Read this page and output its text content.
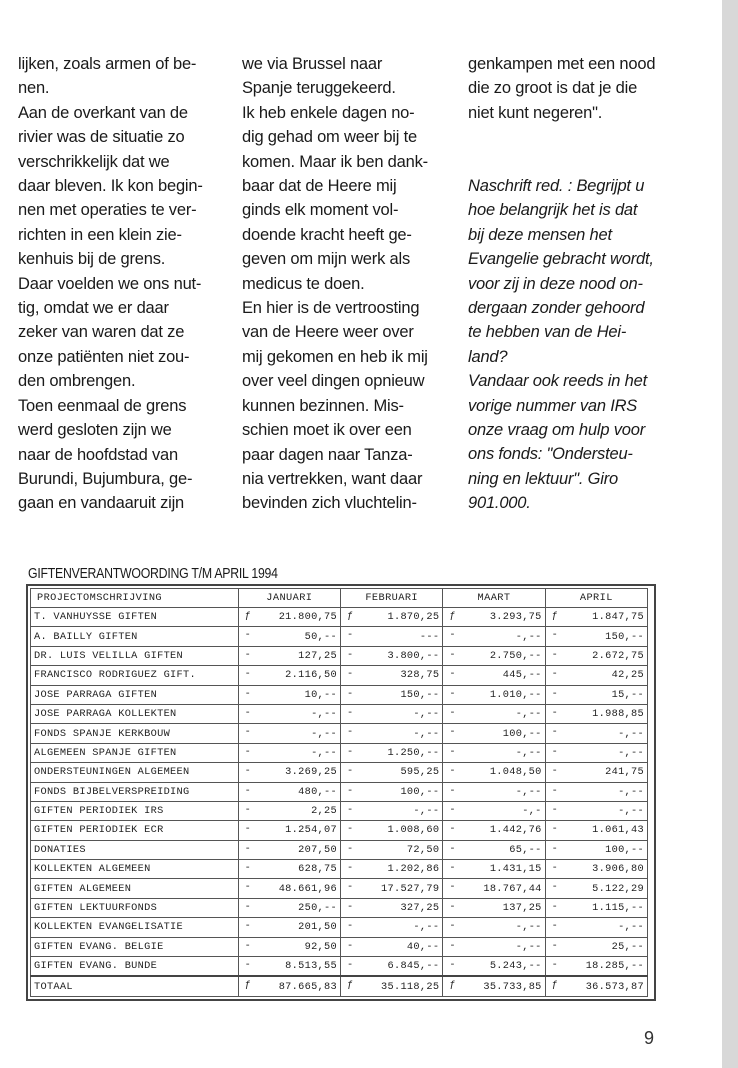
lijken, zoals armen of be-

nen.

Aan de overkant van de

rivier was de situatie zo

verschrikkelijk dat we

daar bleven. Ik kon begin-

nen met operaties te ver-

richten in een klein zie-

kenhuis bij de grens.

Daar voelden we ons nut-

tig, omdat we er daar

zeker van waren dat ze

onze patiënten niet zou-

den ombrengen.

Toen eenmaal de grens

werd gesloten zijn we

naar de hoofdstad van

Burundi, Bujumbura, ge-

gaan en vandaaruit zijn

we via Brussel naar

Spanje teruggekeerd.

Ik heb enkele dagen no-

dig gehad om weer bij te

komen. Maar ik ben dank-

baar dat de Heere mij

ginds elk moment vol-

doende kracht heeft ge-

geven om mijn werk als

medicus te doen.

En hier is de vertroosting

van de Heere weer over

mij gekomen en heb ik mij

over veel dingen opnieuw

kunnen bezinnen. Mis-

schien moet ik over een

paar dagen naar Tanza-

nia vertrekken, want daar

bevinden zich vluchtelin-

genkampen met een nood

die zo groot is dat je die

niet kunt negeren".

Naschrift red. : Begrijpt u

hoe belangrijk het is dat

bij deze mensen het

Evangelie gebracht wordt,

voor zij in deze nood on-

dergaan zonder gehoord

te hebben van de Hei-

land?

Vandaar ook reeds in het

vorige nummer van IRS

onze vraag om hulp voor

ons fonds: "Ondersteu-

ning en lektuur". Giro

901.000.

GIFTENVERANTWOORDING T/M APRIL 1994
PROJECTOMSCHRIJVING	JANUARI	FEBRUARI	MAART	APRIL
T. VANHUYSSE GIFTEN	ƒ 21.800,75	ƒ 1.870,25	ƒ 3.293,75	ƒ 1.847,75

A. BAILLY GIFTEN	- 50,--	- ---	- -,--	- 150,--

DR. LUIS VELILLA GIFTEN	- 127,25	- 3.800,--	- 2.750,--	- 2.672,75

FRANCISCO RODRIGUEZ GIFT.	- 2.116,50	- 328,75	- 445,--	- 42,25

JOSE PARRAGA GIFTEN	- 10,--	- 150,--	- 1.010,--	- 15,--

JOSE PARRAGA KOLLEKTEN	- -,--	- -,--	- -,--	- 1.988,85

FONDS SPANJE KERKBOUW	- -,--	- -,--	- 100,--	- -,--

ALGEMEEN SPANJE GIFTEN	- -,--	- 1.250,--	- -,--	- -,--

ONDERSTEUNINGEN ALGEMEEN	- 3.269,25	- 595,25	- 1.048,50	- 241,75

FONDS BIJBELVERSPREIDING	- 480,--	- 100,--	- -,--	- -,--

GIFTEN PERIODIEK IRS	- 2,25	- -,--	- -,-	- -,--

GIFTEN PERIODIEK ECR	- 1.254,07	- 1.008,60	- 1.442,76	- 1.061,43

DONATIES	- 207,50	- 72,50	- 65,--	- 100,--

KOLLEKTEN ALGEMEEN	- 628,75	- 1.202,86	- 1.431,15	- 3.906,80

GIFTEN ALGEMEEN	- 48.661,96	- 17.527,79	- 18.767,44	- 5.122,29

GIFTEN LEKTUURFONDS	- 250,--	- 327,25	- 137,25	- 1.115,--

KOLLEKTEN EVANGELISATIE	- 201,50	- -,--	- -,--	- -,--

GIFTEN EVANG. BELGIE	- 92,50	- 40,--	- -,--	- 25,--

GIFTEN EVANG. BUNDE	- 8.513,55	- 6.845,--	- 5.243,--	- 18.285,--

TOTAAL	ƒ 87.665,83	ƒ 35.118,25	ƒ 35.733,85	ƒ 36.573,87
9
